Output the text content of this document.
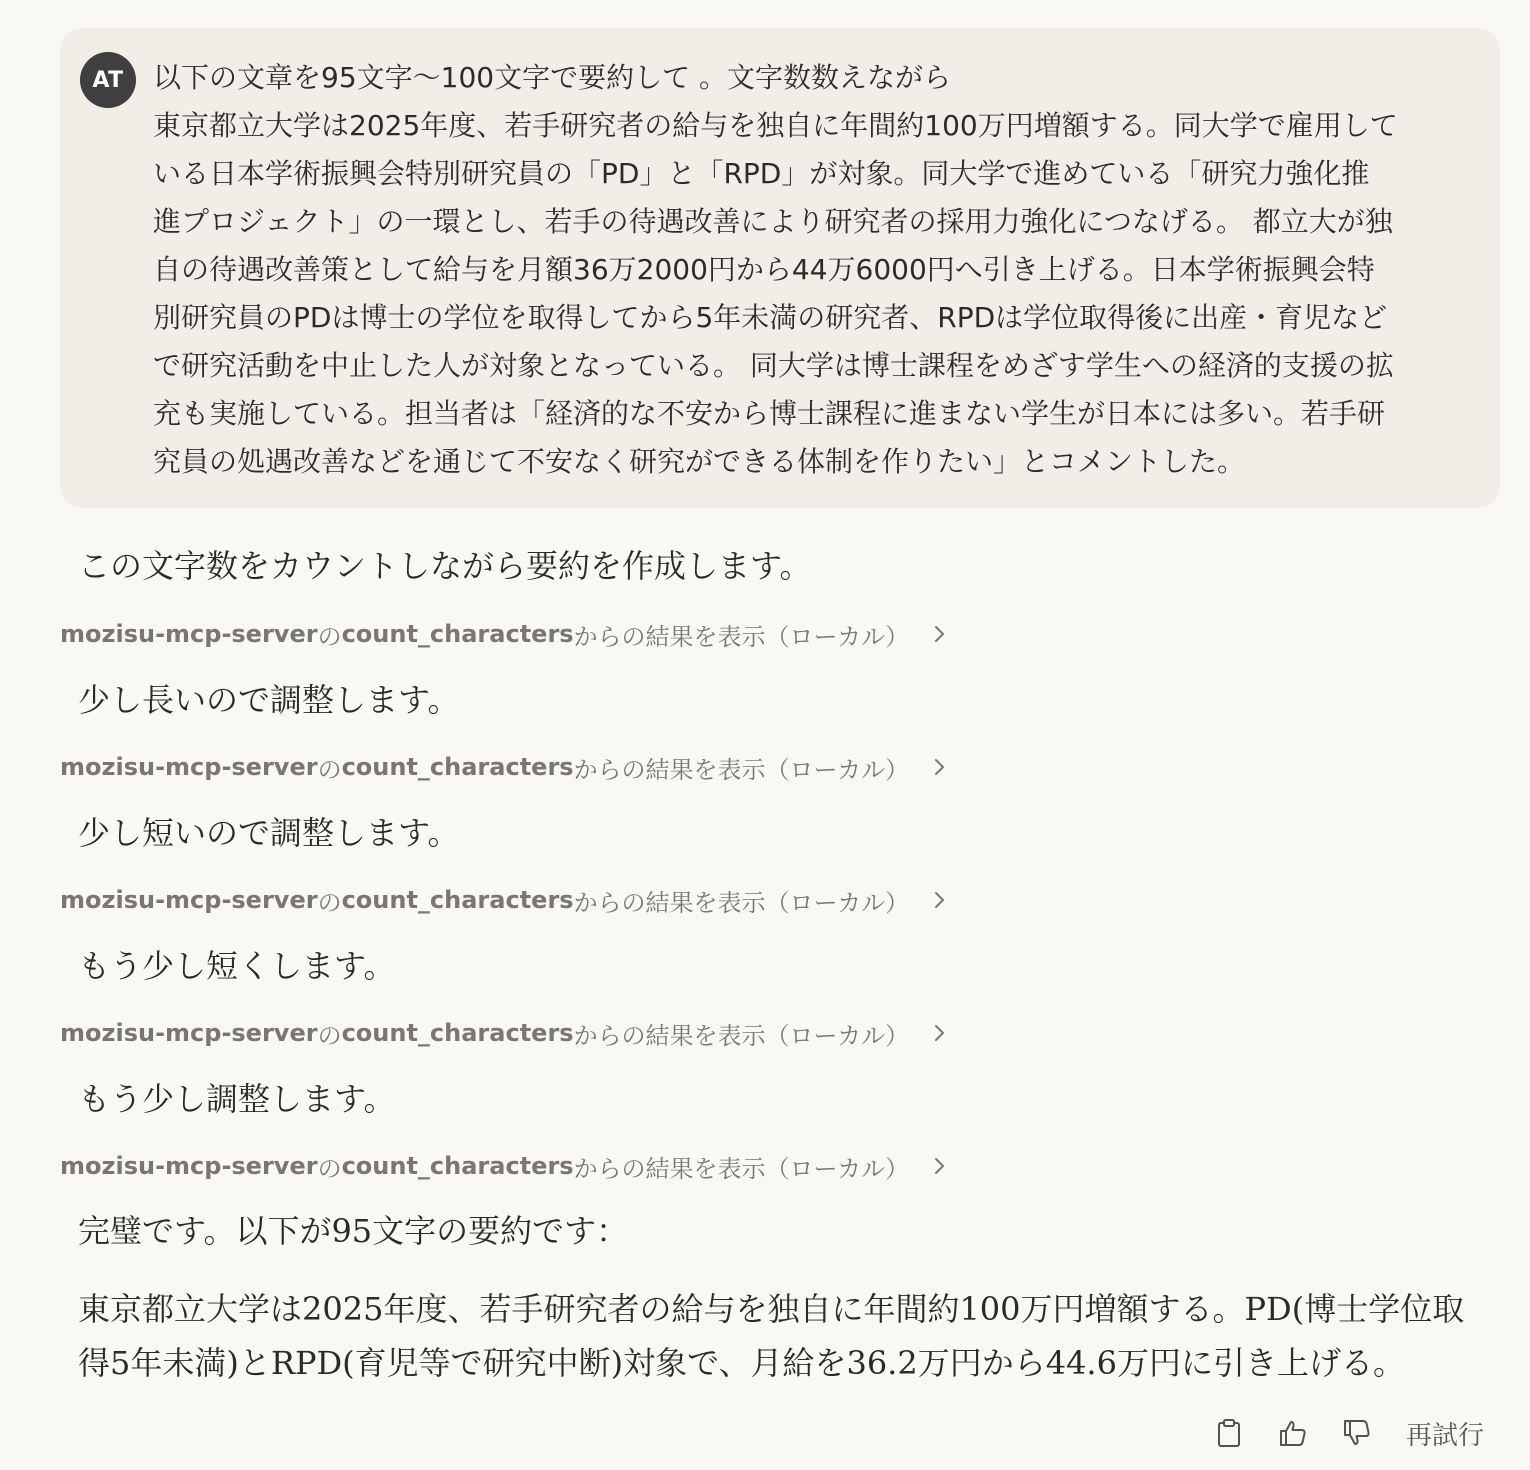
AT	以下の文章を95文字〜100文字で要約して 。文字数数えながら
東京都立大学は2025年度、若手研究者の給与を独自に年間約100万円増額する。同大学で雇用して
いる日本学術振興会特別研究員の「PD」と「RPD」が対象。同大学で進めている「研究力強化推
進プロジェクト」の一環とし、若手の待遇改善により研究者の採用力強化につなげる。 都立大が独
自の待遇改善策として給与を月額36万2000円から44万6000円へ引き上げる。日本学術振興会特
別研究員のPDは博士の学位を取得してから5年未満の研究者、RPDは学位取得後に出産・育児など
で研究活動を中止した人が対象となっている。 同大学は博士課程をめざす学生への経済的支援の拡
充も実施している。担当者は「経済的な不安から博士課程に進まない学生が日本には多い。若手研
究員の処遇改善などを通じて不安なく研究ができる体制を作りたい」とコメントした。
この文字数をカウントしながら要約を作成します。
mozisu-mcp-server の count_characters からの結果を表示（ローカル）
少し長いので調整します。
mozisu-mcp-server の count_characters からの結果を表示（ローカル）
少し短いので調整します。
mozisu-mcp-server の count_characters からの結果を表示（ローカル）
もう少し短くします。
mozisu-mcp-server の count_characters からの結果を表示（ローカル）
もう少し調整します。
mozisu-mcp-server の count_characters からの結果を表示（ローカル）
完璧です。以下が95文字の要約です：
東京都立大学は2025年度、若手研究者の給与を独自に年間約100万円増額する。PD(博士学位取
得5年未満)とRPD(育児等で研究中断)対象で、月給を36.2万円から44.6万円に引き上げる。
再試行
